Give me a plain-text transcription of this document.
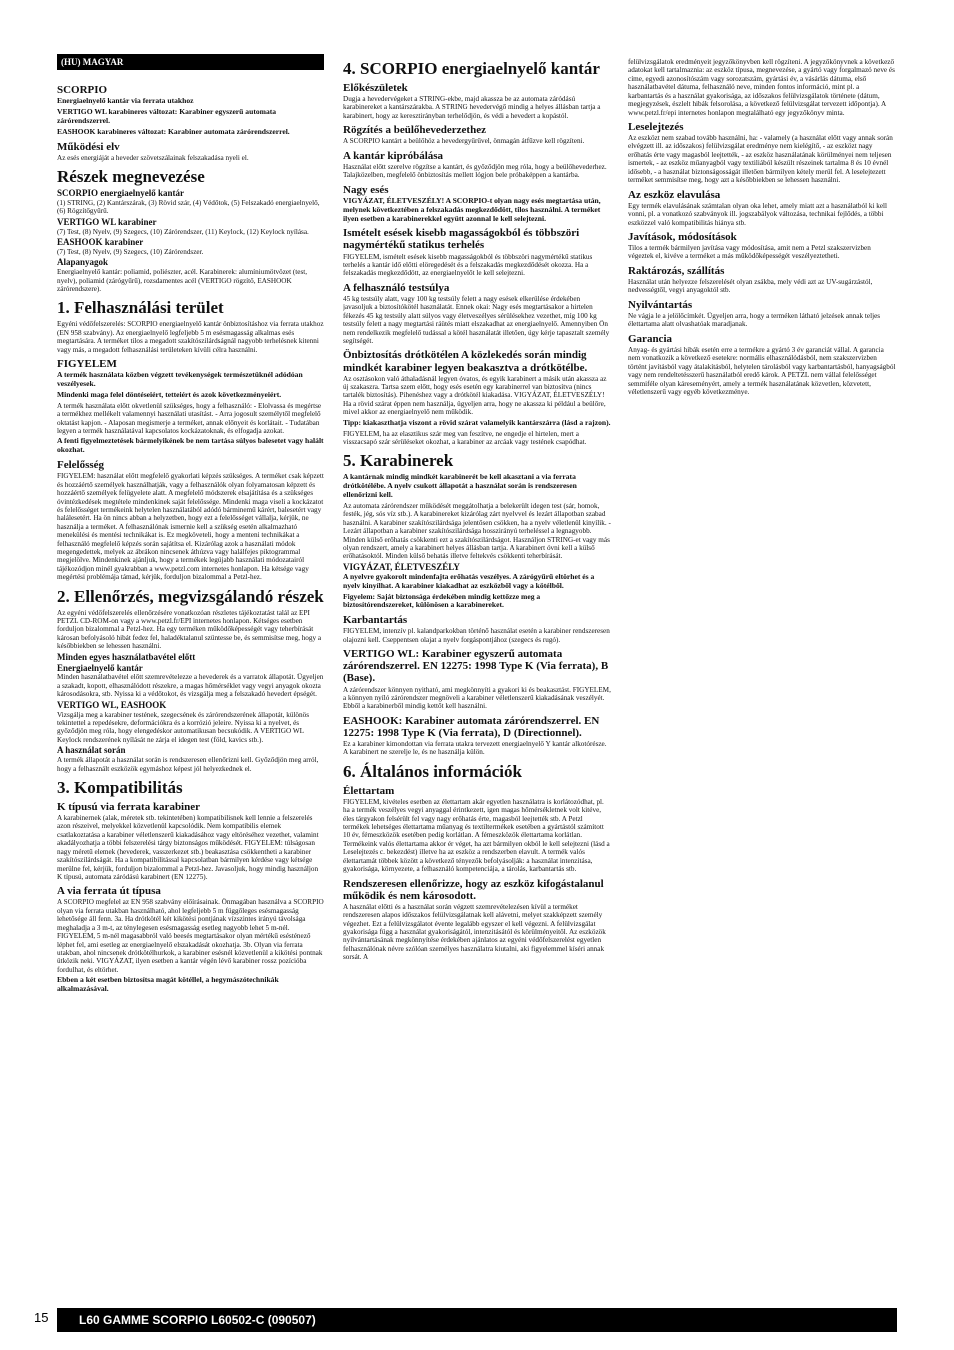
(HU) MAGYAR
SCORPIO

Energiaelnyelő kantár via ferrata utakhoz

VERTIGO WL karabineres változat: Karabiner egyszerű automata zárórendszerrel.

EASHOOK karabineres változat: Karabiner automata zárórendszerrel.

Működési elv

Az esés energiáját a heveder szövetszálainak felszakadása nyeli el.

Részek megnevezése
SCORPIO energiaelnyelő kantár

(1) STRING, (2) Kantárszárak, (3) Rövid szár, (4) Védőtok, (5) Felszakadó energiaelnyelő, (6) Rögzítőgyűrű.

VERTIGO WL karabiner

(7) Test, (8) Nyelv, (9) Szegecs, (10) Zárórendszer, (11) Keylock, (12) Keylock nyílása.

EASHOOK karabiner

(7) Test, (8) Nyelv, (9) Szegecs, (10) Zárórendszer.

Alapanyagok

Energiaelnyelő kantár: poliamid, poliészter, acél. Karabinerek: alumíniumötvözet (test, nyelv), poliamid (zárógyűrű), rozsdamentes acél (VERTIGO rögzítő, EASHOOK zárórendszere).

1. Felhasználási terület

Egyéni védőfelszerelés: SCORPIO energiaelnyelő kantár önbiztosításhoz via ferrata utakhoz (EN 958 szabvány). Az energiaelnyelő legfeljebb 5 m esésmagasság alkalmas esés megtartására. A terméket tilos a megadott szakítószilárdságnál nagyobb terhelésnek kitenni vagy más, a megadott felhasználási területeken kívüli célra használni.

FIGYELEM

A termék használata közben végzett tevékenységek természetüknél adódóan veszélyesek.

Mindenki maga felel döntéseiért, tetteiért és azok következményeiért.

A termék használata előtt okvetlenül szükséges, hogy a felhasználó: - Elolvassa és megértse a termékhez mellékelt valamennyi használati utasítást. - Arra jogosult személytől megfelelő oktatást kapjon. - Alaposan megismerje a terméket, annak előnyeit és korlátait. - Tudatában legyen a termék használatával kapcsolatos kockázatoknak, és elfogadja azokat.

A fenti figyelmeztetések bármelyikének be nem tartása súlyos balesetet vagy halált okozhat.

Felelősség

FIGYELEM: használat előtt megfelelő gyakorlati képzés szükséges. A terméket csak képzett és hozzáértő személyek használhatják, vagy a felhasználók olyan folyamatosan képzett és hozzáértő személyek felügyelete alatt. A megfelelő módszerek elsajátítása és a szükséges óvintézkedések megtétele mindenkinek saját felelőssége. Mindenki maga viseli a kockázatot és felelősséget termékeink helytelen használatából adódó bárminemű kárért, balesetért vagy halálesetért. Ha ön nincs abban a helyzetben, hogy ezt a felelősséget vállalja, kérjük, ne használja a terméket. A felhasználónak ismernie kell a szükség esetén alkalmazható menekülési és mentési technikákat is. Ez megköveteli, hogy a menteni technikákat a felhasználó megfelelő képzés során sajátítsa el. Kizárólag azok a használati módok megengedettek, melyek az ábrákon nincsenek áthúzva vagy halálfejes piktogrammal megjelölve. Mindenkinek ajánljuk, hogy a termékek legújabb használati módozatairól tájékozódjon minél gyakrabban a www.petzl.com internetes honlapon. Ha kétsége vagy megértési problémája támad, kérjük, forduljon bizalommal a Petzl-hez.

2. Ellenőrzés, megvizsgálandó részek

Az egyéni védőfelszerelés ellenőrzésére vonatkozóan részletes tájékoztatást talál az EPI PETZL CD-ROM-on vagy a www.petzl.fr/EPI internetes honlapon. Kétséges esetben forduljon bizalommal a Petzl-hez. Ha egy terméken működőképességét vagy teherbírását károsan befolyásoló hibát fedez fel, haladéktalanul szüntesse be, és semmisítse meg, hogy a későbbiekben se lehessen használni.

Minden egyes használatbavétel előtt
Energiaelnyelő kantár

Minden használatbavétel előtt szemrevételezze a hevederek és a varratok állapotát. Ügyeljen a szakadt, kopott, elhasználódott részekre, a magas hőmérséklet vagy vegyi anyagok okozta károsodásokra, stb. Nyissa ki a védőtokot, és vizsgálja meg a felszakadó hevedert épségét.

VERTIGO WL, EASHOOK

Vizsgálja meg a karabiner testének, szegecsének és zárórendszerének állapotát, különös tekintettel a repedésekre, deformációkra és a korrózió jeleire. Nyissa ki a nyelvet, és győződjön meg róla, hogy elengedéskor automatikusan becsukódik. A VERTIGO WL Keylock rendszerének nyílását ne zárja el idegen test (föld, kavics stb.).

A használat során

A termék állapotát a használat során is rendszeresen ellenőrizni kell. Győződjön meg arról, hogy a felhasznált eszközök egymáshoz képest jól helyezkednek el.

3. Kompatibilitás
K típusú via ferrata karabiner

A karabinernek (alak, méretek stb. tekintetében) kompatibilisnek kell lennie a felszerelés azon részeivel, melyekkel közvetlenül kapcsolódik. Nem kompatibilis elemek csatlakoztatása a karabiner véletlenszerű kiakadásához vagy eltöréséhez vezethet, valamint akadályozhatja a többi felszerelési tárgy biztonságos működését. FIGYELEM: túlságosan nagy méretű elemek (hevederek, vasszerkezet stb.) beakasztása csökkentheti a karabiner szakítószilárdságát. Ha a kompatibilitással kapcsolatban bármilyen kérdése vagy kétsége merülne fel, kérjük, forduljon bizalommal a Petzl-hez. Javasoljuk, hogy mindig használjon K típusú, automata záródású karabinert (EN 12275).

A via ferrata út típusa

A SCORPIO megfelel az EN 958 szabvány előírásainak. Önmagában használva a SCORPIO olyan via ferrata utakban használható, ahol legfeljebb 5 m függőleges esésmagasság lehetősége áll fenn. 3a. Ha drótkötél két kikötési pontjának vízszintes irányú távolsága meghaladja a 3 m-t, az ténylegesen esésmagasság esetleg nagyobb lehet 5 m-nél. FIGYELEM, 5 m-nél magasabbról való beesés megtartásakor olyan mértékű esésténező léphet fel, ami esetleg az energiaelnyelő elszakadását okozhatja. 3b. Olyan via ferrata utakban, ahol nincsenek drótkötélhurkok, a karabiner esésnél közvetlenül a kikötési pontnak ütközik neki. VIGYÁZAT, ilyen esetben a kantár végén lévő karabiner rossz pozícióba fordulhat, és eltörhet.

Ebben a két esetben biztosítsa magát kötéllel, a hegymászótechnikák alkalmazásával.

4. SCORPIO energiaelnyelő kantár
Előkészületek

Dugja a hevedervégeket a STRING-ekbe, majd akassza be az automata záródású karabinereket a kantárszárakba. A STRING hevedervégő mindig a helyes állásban tartja a karabinert, hogy az keresztirányban terhelődjön, és védi a hevedert a kopástól.

Rögzítés a beülőhevederzethez

A SCORPIO kantárt a beülőhöz a hevedergyűrűvel, önmagán átfűzve kell rögzíteni.

A kantár kipróbálása

Használat előtt szerelve rögzítse a kantárt, és győződjön meg róla, hogy a beülőhevederhez. Talajközelben, megfelelő önbiztosítás mellett lógjon bele próbaképpen a kantárba.

Nagy esés

VIGYÁZAT, ÉLETVESZÉLY! A SCORPIO-t olyan nagy esés megtartása után, melynek következtében a felszakadás megkezdődött, tilos használni. A terméket ilyen esetben a karabinerekkel együtt azonnal le kell selejtezni.

Ismételt esések kisebb magasságokból és többszöri nagymértékű statikus terhelés

FIGYELEM, ismételt esések kisebb magasságokból és többszöri nagymértékű statikus terhelés a kantár idő előtti elöregedését és a felszakadás megkezdődését okozza. Ha a felszakadás megkezdődött, az energiaelnyelőt le kell selejtezni.

A felhasználó testsúlya

45 kg testsúly alatt, vagy 100 kg testsúly felett a nagy esések elkerülése érdekében javasoljuk a biztosítókötél használatát. Ennek okai: Nagy esés megtartásakor a hirtelen fékezés 45 kg testsúly alatt súlyos vagy életveszélyes sérülésekhez vezethet, míg 100 kg testsúly felett a nagy megtartási ráütés miatt elszakadhat az energiaelnyelő. Amennyiben Ön nem rendelkezik megfelelő tudással a kötél használatát illetően, úgy kérje tapasztalt személy segítségét.

Önbiztosítás drótkötélen A közlekedés során mindig mindkét karabiner legyen beakasztva a drótkötélbe.

Az osztásokon való áthaladásnál legyen óvatos, és egyik karabinert a másik után akassza az új szakaszra. Tartsa szem előtt, hogy esés esetén egy karabinerrel van biztosítva (nincs tartalék biztosítás). Pihenéshez vagy a drótkötél kiakadása. VIGYÁZAT, ÉLETVESZÉLY! Ha a rövid szárat éppen nem használja, ügyeljen arra, hogy ne akassza ki például a beülőre, mivel akkor az energiaelnyelő nem működik.

Tipp: kiakaszthatja viszont a rövid szárat valamelyik kantárszárra (lásd a rajzon).

FIGYELEM, ha az elasztikus szár meg van feszítve, ne engedje el hirtelen, mert a visszacsapó szár sérüléseket okozhat, a karabiner az arcáak vagy testének csapódhat.

5. Karabinerek

A kantárnak mindig mindkét karabinerét be kell akasztani a via ferrata drótkötélébe. A nyelv csukott állapotát a használat során is rendszeresen ellenőrizni kell.

Az automata zárórendszer működését meggátolhatja a belekerült idegen test (sár, homok, festék, jég, sós víz stb.). A karabinereket kizárólag zárt nyelvvel és lezárt állapotban szabad használni. A karabiner szakítószilárdsága jelentősen csökken, ha a nyelv véletlenül kinyílik. - Lezárt állapotban a karabiner szakítószilárdsága hosszirányú terheléssel a legnagyobb. Minden külső erőhatás csökkenti ezt a szakítószilárdságot. Használjon STRING-et vagy más olyan rendszert, amely a karabinert helyes állásban tartja. A karabinert óvni kell a külső erőhatásoktól. Minden külső behatás illetve feltekvés csökkenti teherbírását.

VIGYÁZAT, ÉLETVESZÉLY

A nyelvre gyakorolt mindenfajta erőhatás veszélyes. A zárógyűrű eltörhet és a nyelv kinyílhat. A karabiner kiakadhat az eszközből vagy a kötélből.

Figyelem: Saját biztonsága érdekében mindig kettőzze meg a biztosítórendszereket, különösen a karabinereket.

Karbantartás

FIGYELEM, intenzív pl. kalandparkokban történő használat esetén a karabiner rendszeresen olajozni kell. Cseppentsen olajat a nyelv forgáspontjához (szegecs és rugó).

VERTIGO WL: Karabiner egyszerű automata zárórendszerrel. EN 12275: 1998 Type K (Via ferrata), B (Base).

A zárórendszer könnyen nyitható, ami megkönnyíti a gyakori ki és beakasztást. FIGYELEM, a könnyen nyíló zárórendszer megnöveli a karabiner véletlenszerű kiakadásának veszélyét. Ebből a karabinerből mindig kettőt kell használni.

EASHOOK: Karabiner automata zárórendszerrel. EN 12275: 1998 Type K (Via ferrata), D (Directionnel).

Ez a karabiner kimondottan via ferrata utakra tervezett energiaelnyelő Y kantár alkotórésze. A karabinert ne szerelje le, és ne használja külön.

6. Általános információk
Élettartam

FIGYELEM, kivételes esetben az élettartam akár egyetlen használatra is korlátozódhat, pl. ha a termék veszélyes vegyi anyaggal érintkezett, igen magas hőmérsékletnek volt kitéve, éles tárgyakon felsérült fel vagy nagy erőhatás érte, magasból leejtették stb. A Petzl termékek lehetséges élettartama műanyag és textiltermékek esetében a gyártástól számított 10 év, fémeszközök esetében pedig korlátlan. A fémeszközök élettartama korlátlan. Termékeink valós élettartama akkor ér véget, ha azt bármilyen okból le kell selejtezni (lásd a Leselejtezés c. bekezdést) illetve ha az eszköz a rendszerben elavult. A termék valós élettartamát többek között a következő tényezők befolyásolják: a használat intenzitása, gyakorisága, környezete, a felhasználó kompetenciája, a tárolás, karbantartás stb.

Rendszeresen ellenőrizze, hogy az eszköz kifogástalanul működik és nem károsodott.

A használat előtti és a használat során végzett szemrevételezésen kívül a terméket rendszeresen alapos időszakos felülvizsgálatnak kell alávetni, melyet szakképzett személy végezhet. Ezt a felülvizsgálatot évente legalább egyszer el kell végezni. A felülvizsgálat gyakorisága függ a használat gyakoriságától, intenzitásától és körülményeitől. Az eszközök nyilvántartásának megkönnyítése érdekében ajánlatos az egyéni védőfelszerelést egyetlen felhasználónak névre szólóan személyes használatra kiutalni, aki figyelemmel kíséri annak sorsát. A

felülvizsgálatok eredményeit jegyzőkönyvben kell rögzíteni. A jegyzőkönyvnek a következő adatokat kell tartalmaznia: az eszköz típusa, megnevezése, a gyártó vagy forgalmazó neve és címe, egyedi azonosítószám vagy sorozatszám, gyártási év, a vásárlás dátuma, első használatbavétel dátuma, felhasználó neve, minden fontos információ, mint pl. a karbantartás és a használat gyakorisága, az időszakos felülvizsgálatok története (dátum, megjegyzések, észlelt hibák felsorolása, a következő felülvizsgálat tervezett időpontja). A www.petzl.fr/epi internetes honlapon megtalálható egy jegyzőkönyv minta.

Leselejtezés

Az eszközt nem szabad tovább használni, ha: - valamely (a használat előtt vagy annak során elvégzett ill. az időszakos) felülvizsgálat eredménye nem kielégítő, - az eszközt nagy erőhatás érte vagy magasból leejtették, - az eszköz használatának körülményei nem teljesen ismertek, - az eszköz műanyagból vagy textiliából készült részeinek tartalma 8 és 10 évnél idősebb, - a használat biztonságosságát illetően bármilyen kétely merül fel. A leselejtezett terméket semmisítse meg, hogy azt a későbbiekben se lehessen használni.

Az eszköz elavulása

Egy termék elavulásának számtalan olyan oka lehet, amely miatt azt a használatból ki kell vonni, pl. a vonatkozó szabványok ill. jogszabályok változása, technikai fejlődés, a többi eszközzel való kompatibilitás hiánya stb.

Javítások, módosítások

Tilos a termék bármilyen javítása vagy módosítása, amit nem a Petzl szakszervizben végeztek el, kivéve a terméket a más működőképességét veszélyeztetheti.

Raktározás, szállítás

Használat után helyezze felszerelését olyan zsákba, mely védi azt az UV-sugárzástól, nedvességtől, vegyi anyagoktól stb.

Nyilvántartás

Ne vágja le a jelölőcímkét. Ügyeljen arra, hogy a terméken látható jelzések annak teljes élettartama alatt olvashatóak maradjanak.

Garancia

Anyag- és gyártási hibák esetén erre a termékre a gyártó 3 év garanciát vállal. A garancia nem vonatkozik a következő esetekre: normális elhasználódásból, nem szakszervizben történt javításból vagy átalakításból, helytelen tárolásból vagy karbantartásból, hanyagságból vagy nem rendeltetésszerű használatból eredő károk. A PETZL nem vállal felelősséget semmiféle olyan káreseményért, amely a termék használatának közvetlen, közvetett, véletlenszerű vagy egyéb következménye.

15	L60 GAMME SCORPIO L60502-C (090507)
